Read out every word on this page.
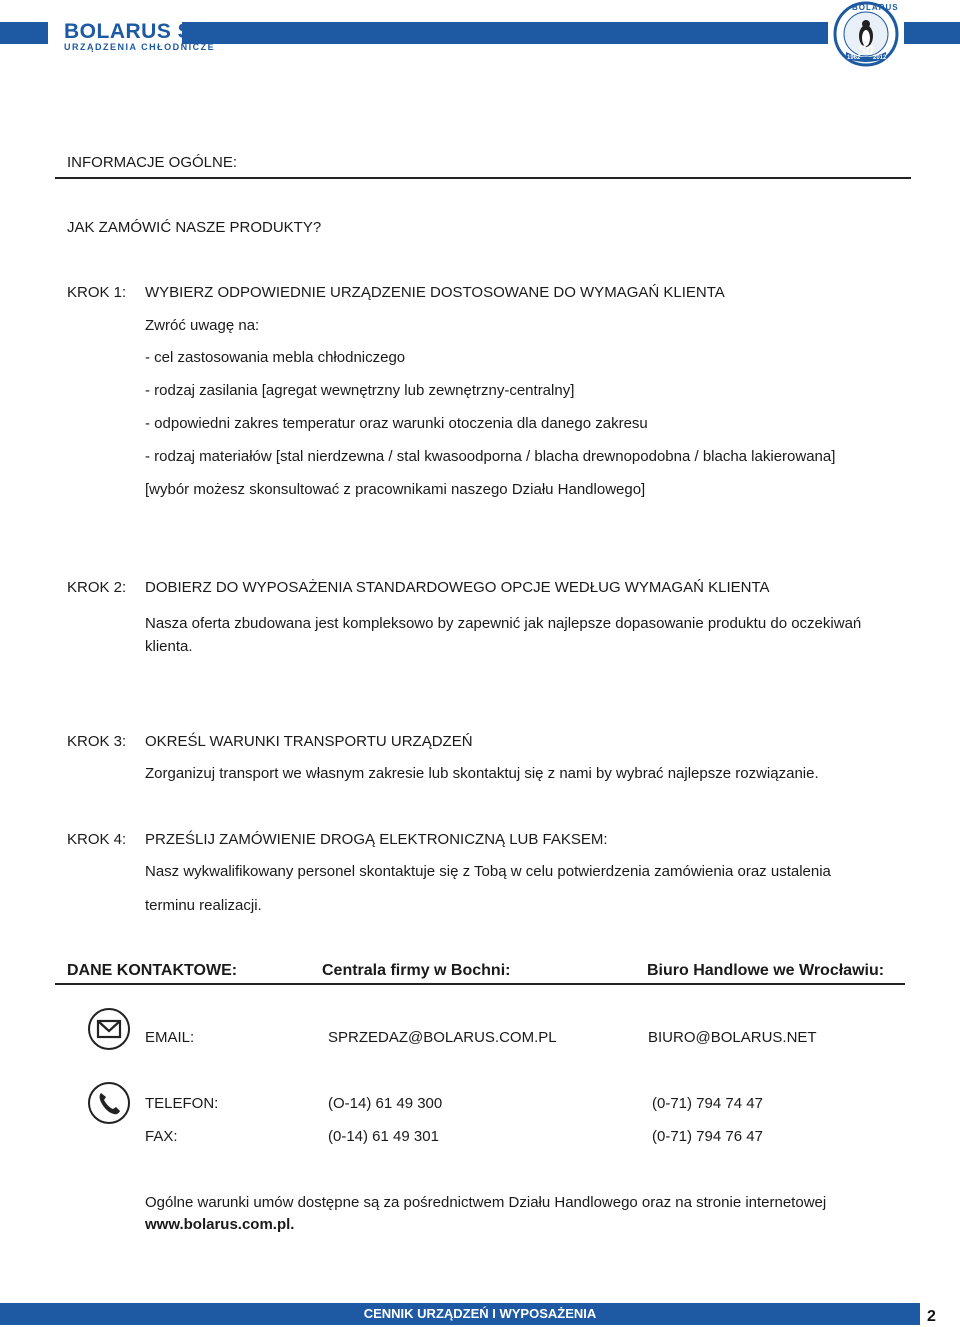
BOLARUS S.A.
URZĄDZENIA CHŁODNICZE
BOLARUS
50
1962 2012
INFORMACJE OGÓLNE:
JAK ZAMÓWIĆ NASZE PRODUKTY?
KROK 1: WYBIERZ ODPOWIEDNIE URZĄDZENIE DOSTOSOWANE DO WYMAGAŃ KLIENTA
Zwróć uwagę na:
- cel zastosowania mebla chłodniczego
- rodzaj zasilania [agregat wewnętrzny lub zewnętrzny-centralny]
- odpowiedni zakres temperatur oraz warunki otoczenia dla danego zakresu
- rodzaj materiałów [stal nierdzewna / stal kwasoodporna / blacha drewnopodobna / blacha lakierowana]
[wybór możesz skonsultować z pracownikami naszego Działu Handlowego]
KROK 2: DOBIERZ DO WYPOSAŻENIA STANDARDOWEGO OPCJE WEDŁUG WYMAGAŃ KLIENTA
Nasza oferta zbudowana jest kompleksowo by zapewnić jak najlepsze dopasowanie produktu do oczekiwań klienta.
KROK 3: OKREŚL WARUNKI TRANSPORTU URZĄDZEŃ
Zorganizuj transport we własnym zakresie lub skontaktuj się z nami by wybrać najlepsze rozwiązanie.
KROK 4: PRZEŚLIJ ZAMÓWIENIE DROGĄ ELEKTRONICZNĄ LUB FAKSEM:
Nasz wykwalifikowany personel skontaktuje się z Tobą w celu potwierdzenia zamówienia oraz ustalenia
terminu realizacji.
DANE KONTAKTOWE:	Centrala firmy w Bochni:	Biuro Handlowe we Wrocławiu:
EMAIL:	SPRZEDAZ@BOLARUS.COM.PL	BIURO@BOLARUS.NET
TELEFON:	(O-14) 61 49 300	(0-71) 794 74 47
FAX:	(0-14) 61 49 301	(0-71) 794 76 47
Ogólne warunki umów dostępne są za pośrednictwem Działu Handlowego oraz na stronie internetowej
www.bolarus.com.pl.
CENNIK URZĄDZEŃ I WYPOSAŻENIA	2
